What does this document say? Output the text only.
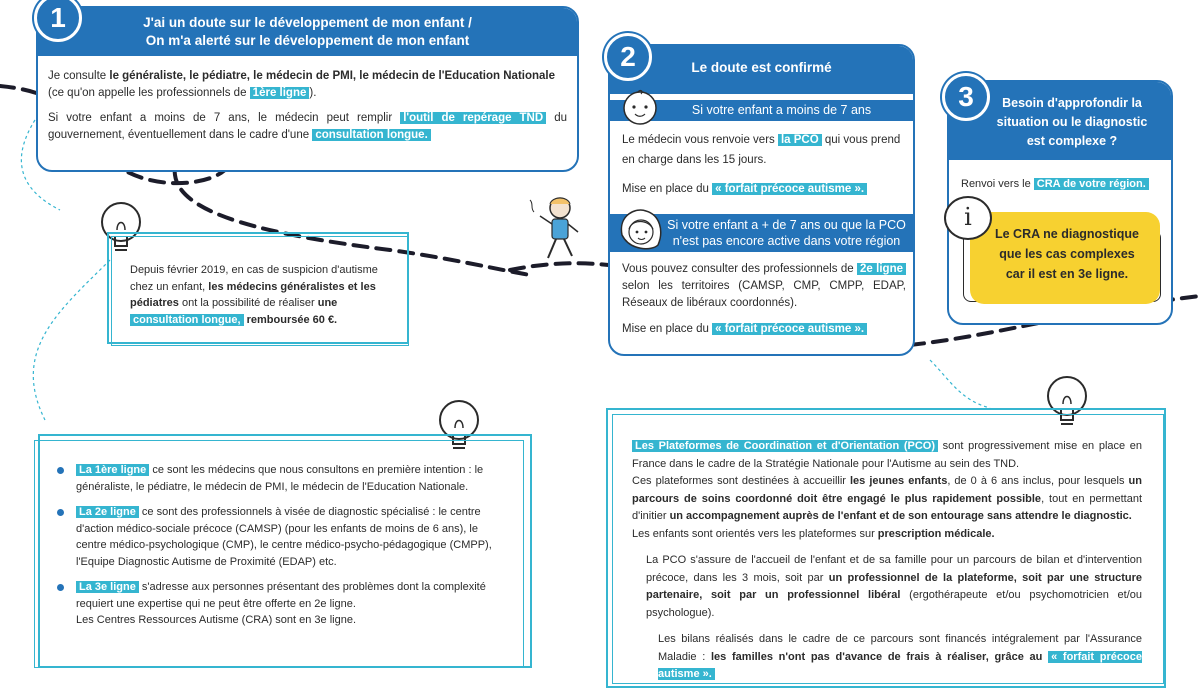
1	J'ai un doute sur le développement de mon enfant /
On m'a alerté sur le développement de mon enfant
Je consulte le généraliste, le pédiatre, le médecin de PMI, le médecin de l'Education Nationale (ce qu'on appelle les professionnels de 1ère ligne ).
Si votre enfant a moins de 7 ans, le médecin peut remplir l'outil de repérage TND du gouvernement, éventuellement dans le cadre d'une consultation longue.
Depuis février 2019, en cas de suspicion d'autisme chez un enfant, les médecins généralistes et les pédiatres ont la possibilité de réaliser une consultation longue, remboursée 60 €.
2	Le doute est confirmé
Si votre enfant a moins de 7 ans
Le médecin vous renvoie vers la PCO qui vous prend en charge dans les 15 jours.
Mise en place du « forfait précoce autisme ».
Si votre enfant a + de 7 ans ou que la PCO
n'est pas encore active dans votre région
Vous pouvez consulter des professionnels de 2e ligne selon les territoires (CAMSP, CMP, CMPP, EDAP, Réseaux de libéraux coordonnés).
Mise en place du « forfait précoce autisme ».
3	Besoin d'approfondir la
situation ou le diagnostic
est complexe ?
Renvoi vers le CRA de votre région.
i
Le CRA ne diagnostique
que les cas complexes
car il est en 3e ligne.
La 1ère ligne ce sont les médecins que nous consultons en première intention : le généraliste, le pédiatre, le médecin de PMI, le médecin de l'Education Nationale.
La 2e ligne ce sont des professionnels à visée de diagnostic spécialisé : le centre d'action médico-sociale précoce (CAMSP) (pour les enfants de moins de 6 ans), le centre médico-psychologique (CMP), le centre médico-psycho-pédagogique (CMPP), l'Equipe Diagnostic Autisme de Proximité (EDAP) etc.
La 3e ligne s'adresse aux personnes présentant des problèmes dont la complexité requiert une expertise qui ne peut être offerte en 2e ligne.
Les Centres Ressources Autisme (CRA) sont en 3e ligne.
Les Plateformes de Coordination et d'Orientation (PCO) sont progressivement mise en place en France dans le cadre de la Stratégie Nationale pour l'Autisme au sein des TND.
Ces plateformes sont destinées à accueillir les jeunes enfants, de 0 à 6 ans inclus, pour lesquels un parcours de soins coordonné doit être engagé le plus rapidement possible, tout en permettant d'initier un accompagnement auprès de l'enfant et de son entourage sans attendre le diagnostic.
Les enfants sont orientés vers les plateformes sur prescription médicale.
La PCO s'assure de l'accueil de l'enfant et de sa famille pour un parcours de bilan et d'intervention précoce, dans les 3 mois, soit par un professionnel de la plateforme, soit par une structure partenaire, soit par un professionnel libéral (ergothérapeute et/ou psychomotricien et/ou psychologue).
Les bilans réalisés dans le cadre de ce parcours sont financés intégralement par l'Assurance Maladie : les familles n'ont pas d'avance de frais à réaliser, grâce au « forfait précoce autisme ».
